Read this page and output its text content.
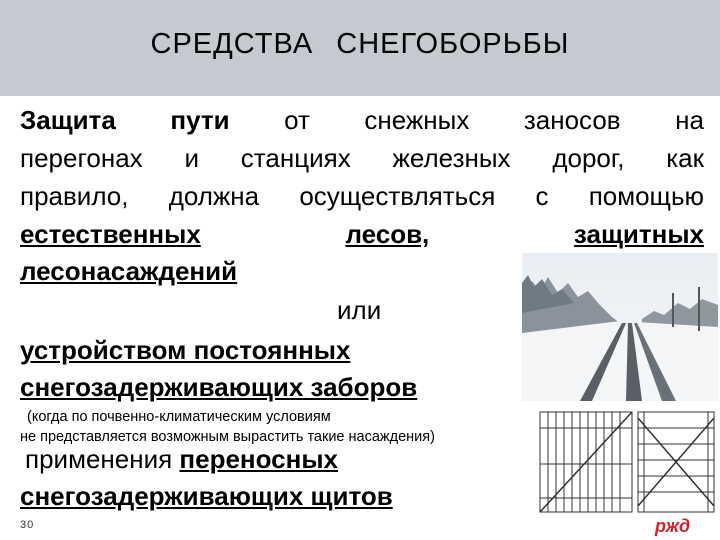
СРЕДСТВА СНЕГОБОРЬБЫ
Защита пути от снежных заносов на
перегонах и станциях железных дорог, как
правило, должна осуществляться с помощью
естественных	лесов,	защитных
лесонасаждений
или
устройством постоянных
снегозадерживающих заборов
(когда по почвенно-климатическим условиям
не представляется возможным вырастить такие насаждения)
применения переносных
снегозадерживающих щитов
30	ржд
